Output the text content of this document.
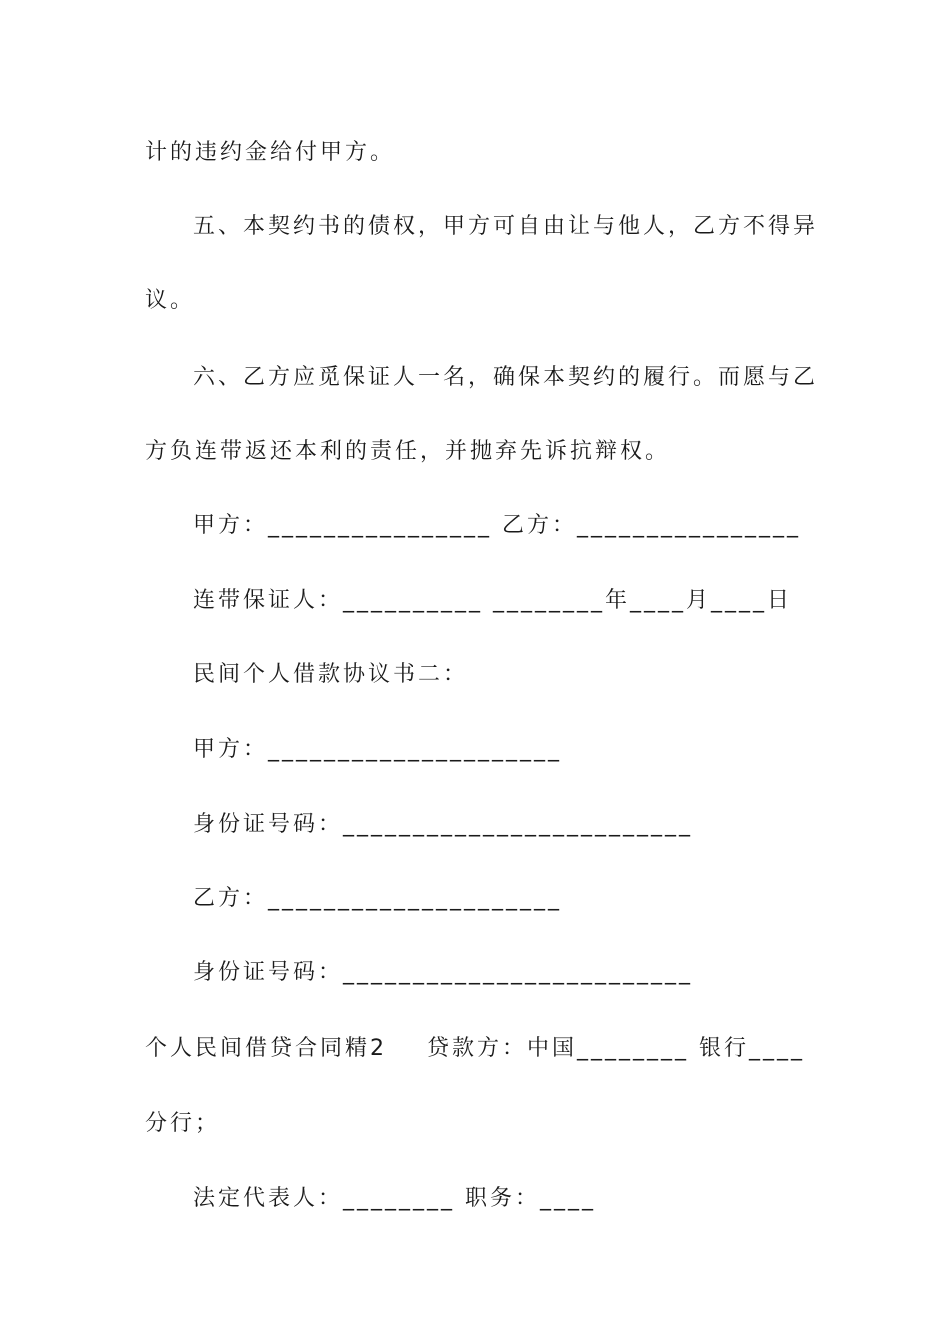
计的违约金给付甲方。
五、本契约书的债权，甲方可自由让与他人，乙方不得异
议。
六、乙方应觅保证人一名，确保本契约的履行。而愿与乙
方负连带返还本利的责任，并抛弃先诉抗辩权。
甲方：________________ 乙方：________________
连带保证人：__________ ________年____月____日
民间个人借款协议书二：
甲方：_____________________
身份证号码：_________________________
乙方：_____________________
身份证号码：_________________________
个人民间借贷合同精2    贷款方：中国________ 银行____
分行；
法定代表人：________ 职务：____
